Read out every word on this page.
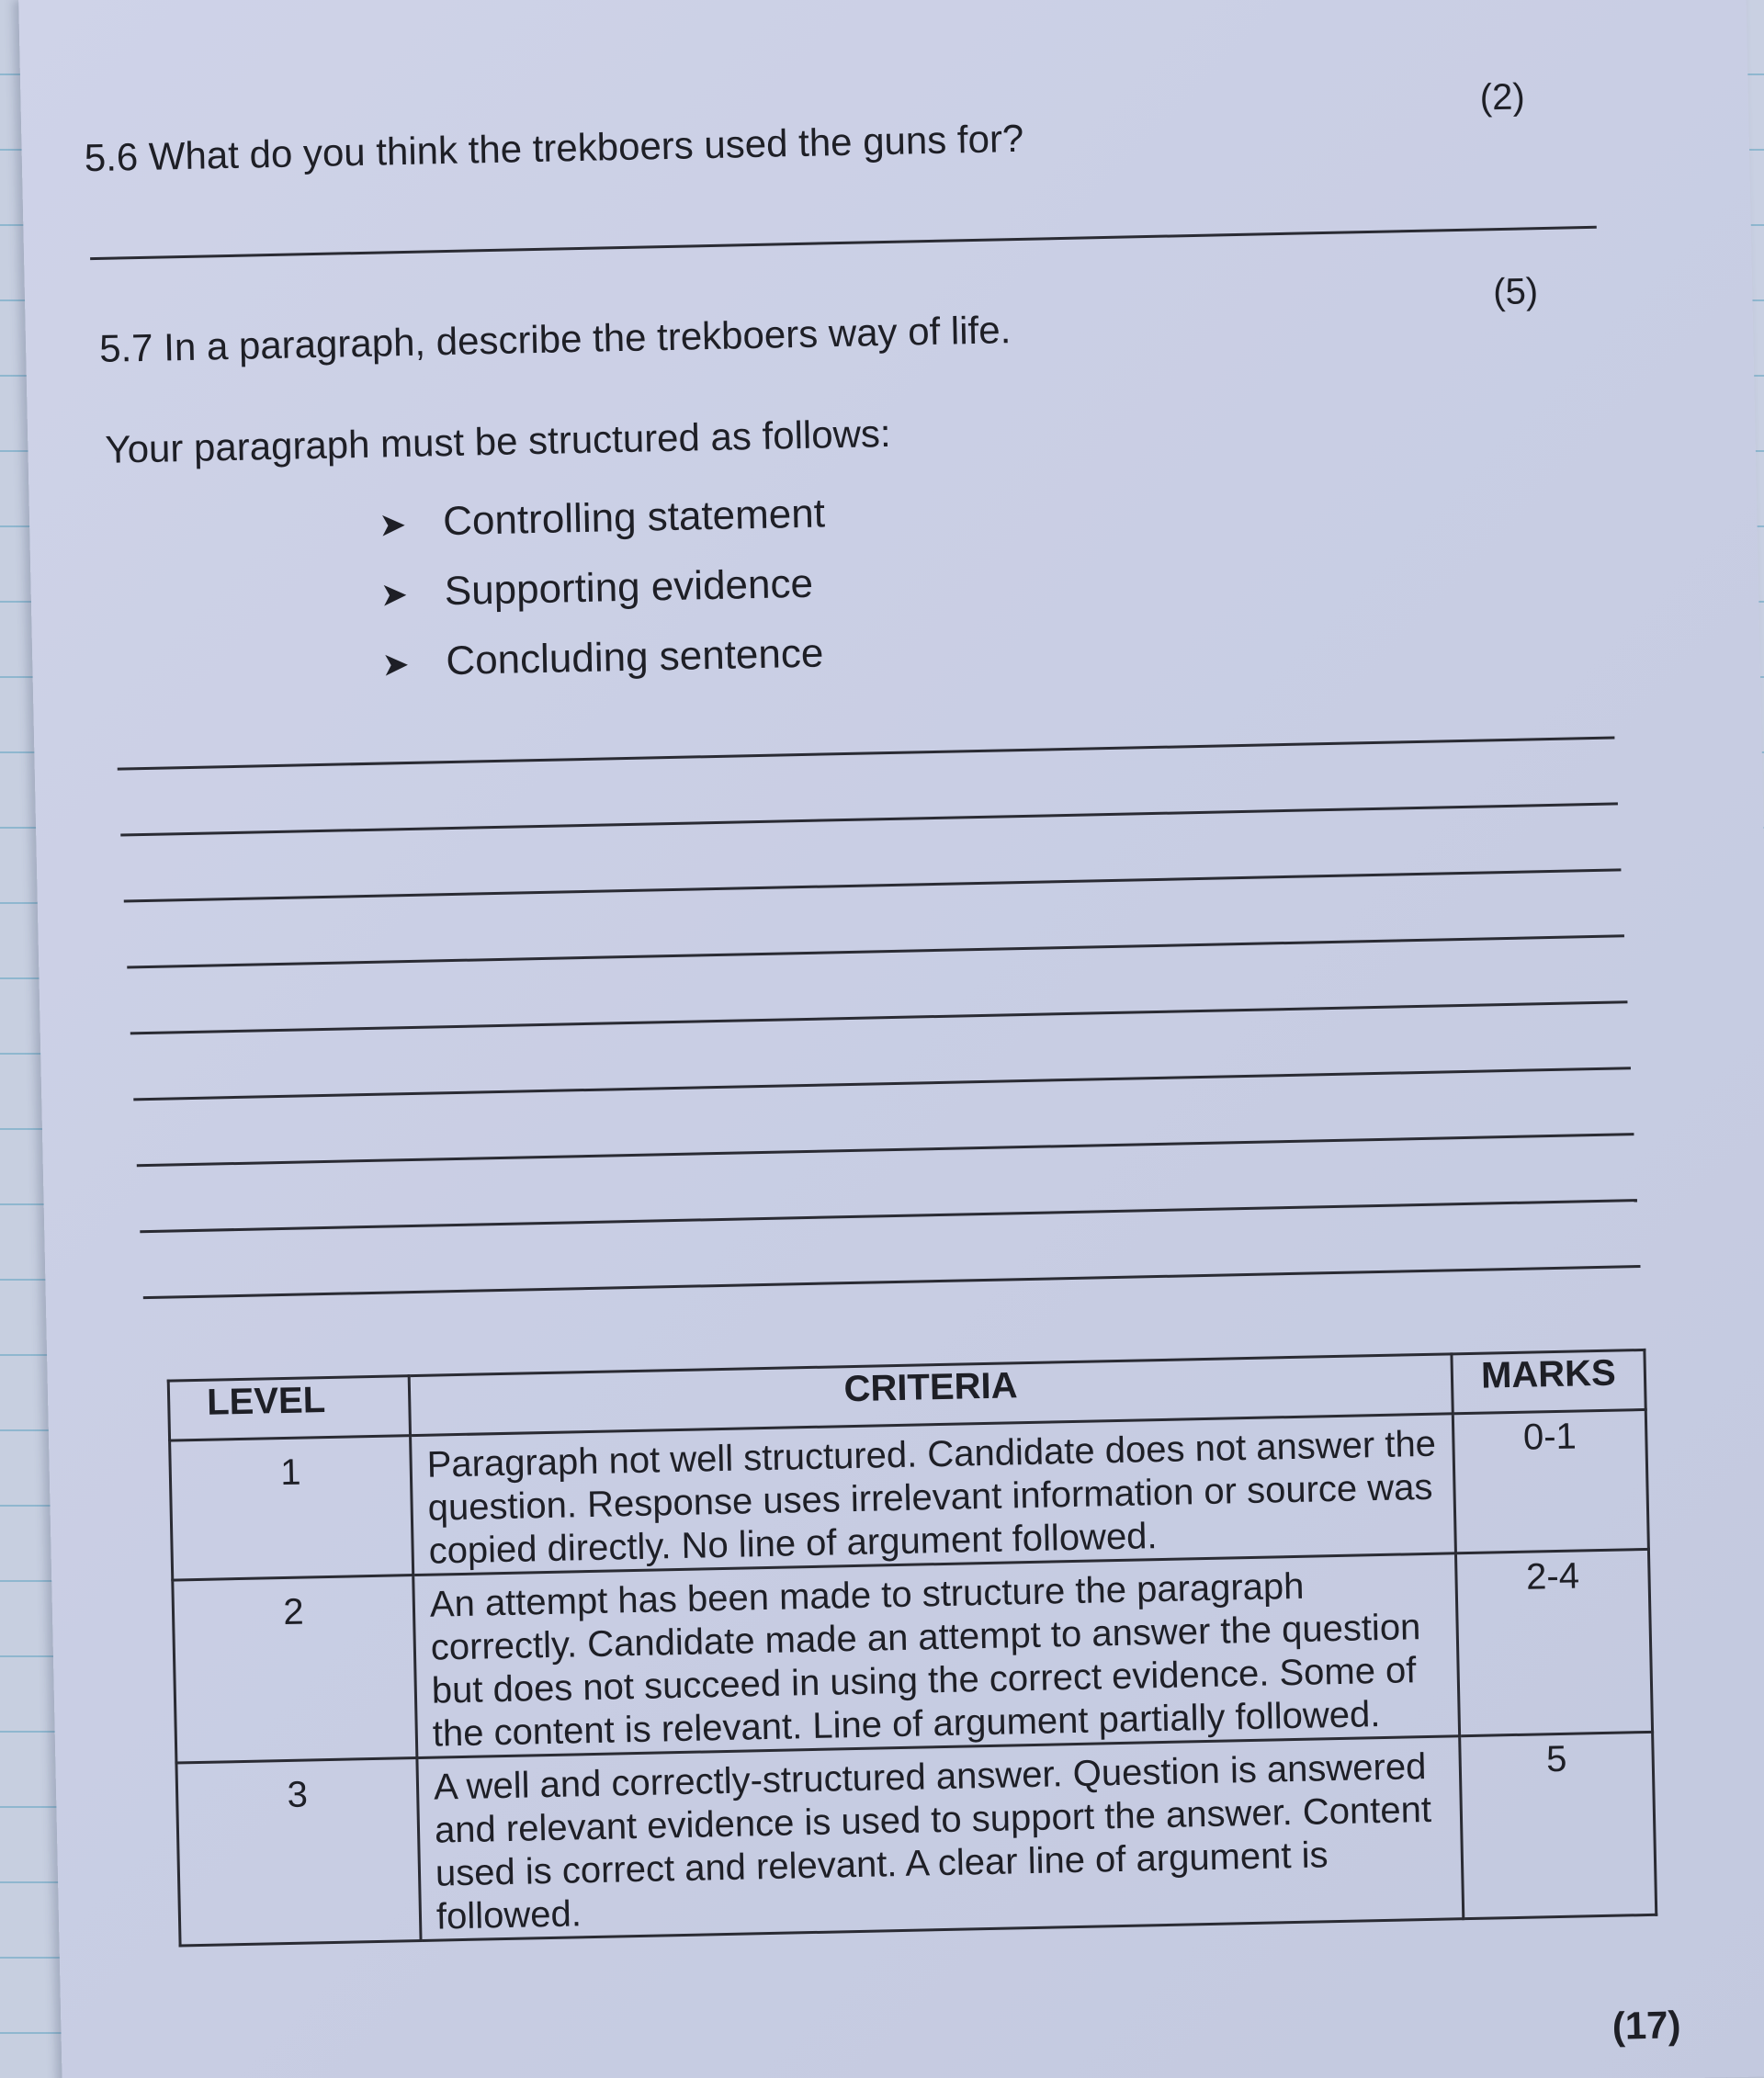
5.6 What do you think the trekboers used the guns for?
(2)
5.7 In a paragraph, describe the trekboers way of life.
(5)
Your paragraph must be structured as follows:
➤ Controlling statement
➤ Supporting evidence
➤ Concluding sentence
LEVEL	CRITERIA	MARKS
1	Paragraph not well structured. Candidate does not answer the question. Response uses irrelevant information or source was copied directly. No line of argument followed.	0-1
2	An attempt has been made to structure the paragraph correctly. Candidate made an attempt to answer the question but does not succeed in using the correct evidence. Some of the content is relevant. Line of argument partially followed.	2-4
3	A well and correctly-structured answer. Question is answered and relevant evidence is used to support the answer. Content used is correct and relevant. A clear line of argument is followed.	5
(17)
